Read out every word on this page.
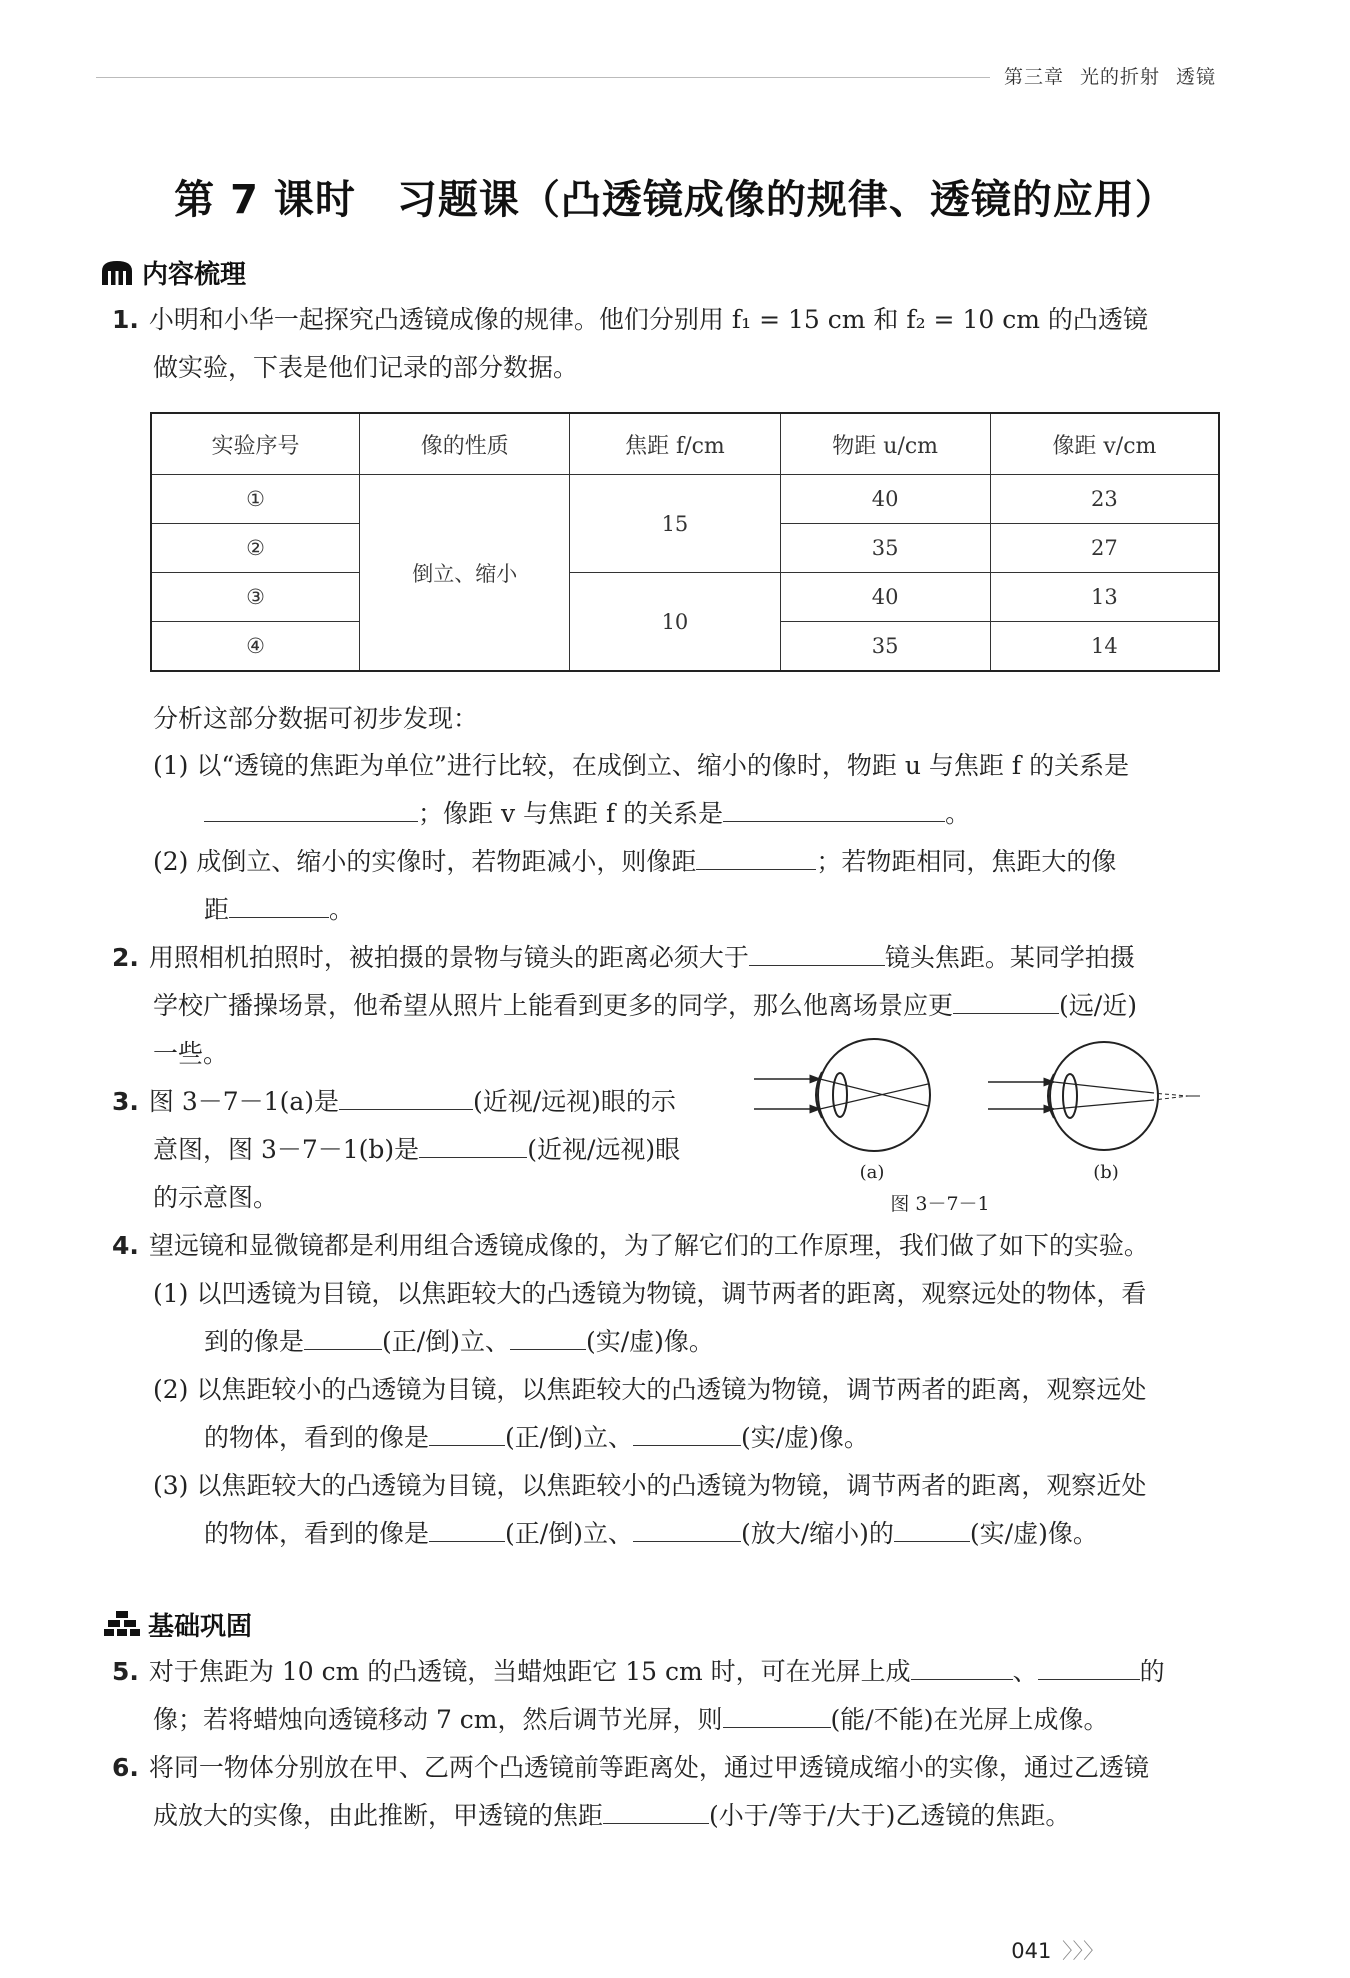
第三章 光的折射 透镜
第 7 课时　习题课（凸透镜成像的规律、透镜的应用）
内容梳理
1. 小明和小华一起探究凸透镜成像的规律。他们分别用 f₁ = 15 cm 和 f₂ = 10 cm 的凸透镜
做实验，下表是他们记录的部分数据。
实验序号	像的性质	焦距 f/cm	物距 u/cm	像距 v/cm
①	倒立、缩小	15	40	23
②			35	27
③		10	40	13
④			35	14
分析这部分数据可初步发现：
(1) 以“透镜的焦距为单位”进行比较，在成倒立、缩小的像时，物距 u 与焦距 f 的关系是
；像距 v 与焦距 f 的关系是	。
(2) 成倒立、缩小的实像时，若物距减小，则像距	；若物距相同，焦距大的像
距	。
2. 用照相机拍照时，被拍摄的景物与镜头的距离必须大于	镜头焦距。某同学拍摄
学校广播操场景，他希望从照片上能看到更多的同学，那么他离场景应更	(远/近)
一些。
3. 图 3－7－1(a)是	(近视/远视)眼的示
意图，图 3－7－1(b)是	(近视/远视)眼
的示意图。
(a)	(b)
图 3－7－1
4. 望远镜和显微镜都是利用组合透镜成像的，为了解它们的工作原理，我们做了如下的实验。
(1) 以凹透镜为目镜，以焦距较大的凸透镜为物镜，调节两者的距离，观察远处的物体，看
到的像是	(正/倒)立、	(实/虚)像。
(2) 以焦距较小的凸透镜为目镜，以焦距较大的凸透镜为物镜，调节两者的距离，观察远处
的物体，看到的像是	(正/倒)立、	(实/虚)像。
(3) 以焦距较大的凸透镜为目镜，以焦距较小的凸透镜为物镜，调节两者的距离，观察近处
的物体，看到的像是	(正/倒)立、	(放大/缩小)的	(实/虚)像。
基础巩固
5. 对于焦距为 10 cm 的凸透镜，当蜡烛距它 15 cm 时，可在光屏上成	、	的
像；若将蜡烛向透镜移动 7 cm，然后调节光屏，则	(能/不能)在光屏上成像。
6. 将同一物体分别放在甲、乙两个凸透镜前等距离处，通过甲透镜成缩小的实像，通过乙透镜
成放大的实像，由此推断，甲透镜的焦距	(小于/等于/大于)乙透镜的焦距。
041 〉〉〉
